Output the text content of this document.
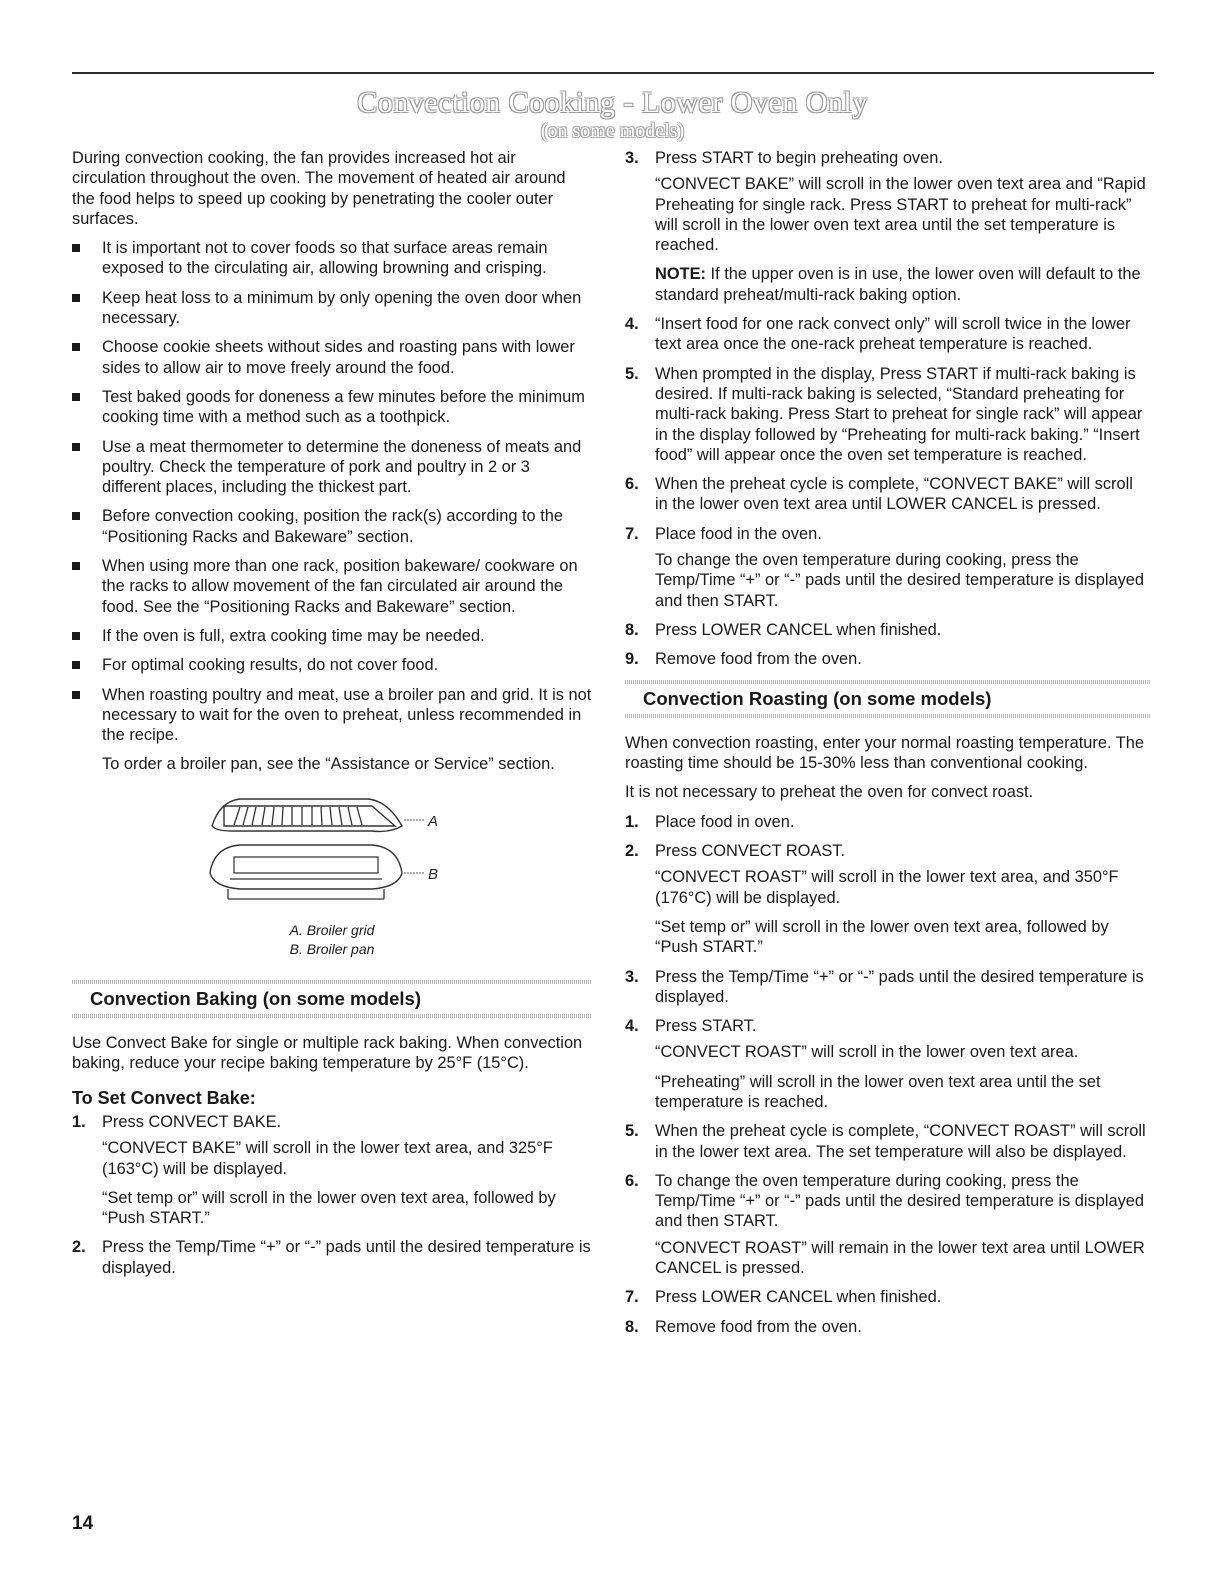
Convection Cooking - Lower Oven Only
(on some models)

During convection cooking, the fan provides increased hot air circulation throughout the oven. The movement of heated air around the food helps to speed up cooking by penetrating the cooler outer surfaces.

It is important not to cover foods so that surface areas remain exposed to the circulating air, allowing browning and crisping.
Keep heat loss to a minimum by only opening the oven door when necessary.
Choose cookie sheets without sides and roasting pans with lower sides to allow air to move freely around the food.
Test baked goods for doneness a few minutes before the minimum cooking time with a method such as a toothpick.
Use a meat thermometer to determine the doneness of meats and poultry. Check the temperature of pork and poultry in 2 or 3 different places, including the thickest part.
Before convection cooking, position the rack(s) according to the “Positioning Racks and Bakeware” section.
When using more than one rack, position bakeware/ cookware on the racks to allow movement of the fan circulated air around the food. See the “Positioning Racks and Bakeware” section.
If the oven is full, extra cooking time may be needed.
For optimal cooking results, do not cover food.
When roasting poultry and meat, use a broiler pan and grid. It is not necessary to wait for the oven to preheat, unless recommended in the recipe.

To order a broiler pan, see the “Assistance or Service” section.

A
B
A. Broiler grid
B. Broiler pan
Convection Baking (on some models)

Use Convect Bake for single or multiple rack baking. When convection baking, reduce your recipe baking temperature by 25°F (15°C).

To Set Convect Bake:
1. Press CONVECT BAKE.

“CONVECT BAKE” will scroll in the lower text area, and 325°F (163°C) will be displayed.

“Set temp or” will scroll in the lower oven text area, followed by “Push START.”

2. Press the Temp/Time “+” or “-” pads until the desired temperature is displayed.
3. Press START to begin preheating oven.

“CONVECT BAKE” will scroll in the lower oven text area and “Rapid Preheating for single rack. Press START to preheat for multi-rack” will scroll in the lower oven text area until the set temperature is reached.

NOTE: If the upper oven is in use, the lower oven will default to the standard preheat/multi-rack baking option.

4. “Insert food for one rack convect only” will scroll twice in the lower text area once the one-rack preheat temperature is reached.
5. When prompted in the display, Press START if multi-rack baking is desired. If multi-rack baking is selected, “Standard preheating for multi-rack baking. Press Start to preheat for single rack” will appear in the display followed by “Preheating for multi-rack baking.” “Insert food” will appear once the oven set temperature is reached.
6. When the preheat cycle is complete, “CONVECT BAKE” will scroll in the lower oven text area until LOWER CANCEL is pressed.
7. Place food in the oven.

To change the oven temperature during cooking, press the Temp/Time “+” or “-” pads until the desired temperature is displayed and then START.

8. Press LOWER CANCEL when finished.
9. Remove food from the oven.
Convection Roasting (on some models)

When convection roasting, enter your normal roasting temperature. The roasting time should be 15-30% less than conventional cooking.

It is not necessary to preheat the oven for convect roast.

1. Place food in oven.
2. Press CONVECT ROAST.

“CONVECT ROAST” will scroll in the lower text area, and 350°F (176°C) will be displayed.

“Set temp or” will scroll in the lower oven text area, followed by “Push START.”

3. Press the Temp/Time “+” or “-” pads until the desired temperature is displayed.
4. Press START.

“CONVECT ROAST” will scroll in the lower oven text area.

“Preheating” will scroll in the lower oven text area until the set temperature is reached.

5. When the preheat cycle is complete, “CONVECT ROAST” will scroll in the lower text area. The set temperature will also be displayed.
6. To change the oven temperature during cooking, press the Temp/Time “+” or “-” pads until the desired temperature is displayed and then START.

“CONVECT ROAST” will remain in the lower text area until LOWER CANCEL is pressed.

7. Press LOWER CANCEL when finished.
8. Remove food from the oven.
14
